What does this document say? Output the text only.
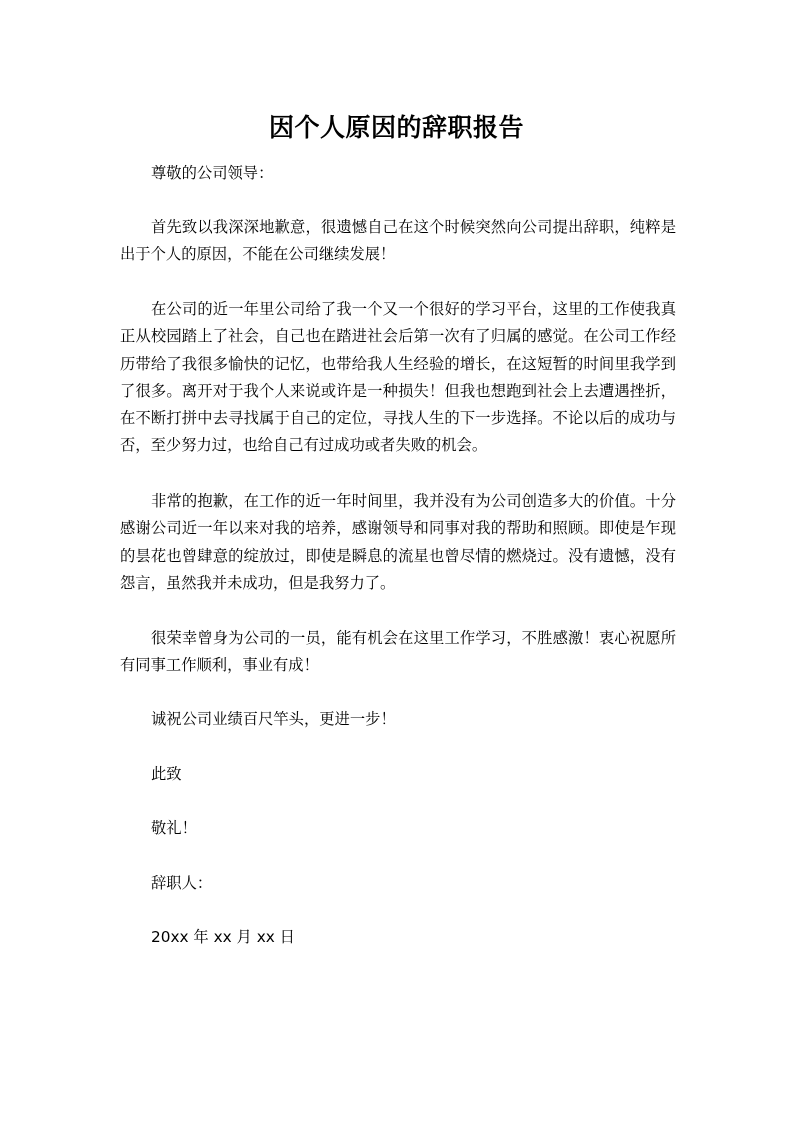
因个人原因的辞职报告

尊敬的公司领导：

首先致以我深深地歉意，很遗憾自己在这个时候突然向公司提出辞职，纯粹是出于个人的原因，不能在公司继续发展！

在公司的近一年里公司给了我一个又一个很好的学习平台，这里的工作使我真正从校园踏上了社会，自己也在踏进社会后第一次有了归属的感觉。在公司工作经历带给了我很多愉快的记忆，也带给我人生经验的增长，在这短暂的时间里我学到了很多。离开对于我个人来说或许是一种损失！但我也想跑到社会上去遭遇挫折，在不断打拼中去寻找属于自己的定位，寻找人生的下一步选择。不论以后的成功与否，至少努力过，也给自己有过成功或者失败的机会。

非常的抱歉，在工作的近一年时间里，我并没有为公司创造多大的价值。十分感谢公司近一年以来对我的培养，感谢领导和同事对我的帮助和照顾。即使是乍现的昙花也曾肆意的绽放过，即使是瞬息的流星也曾尽情的燃烧过。没有遗憾，没有怨言，虽然我并未成功，但是我努力了。

很荣幸曾身为公司的一员，能有机会在这里工作学习，不胜感激！衷心祝愿所有同事工作顺利，事业有成！

诚祝公司业绩百尺竿头，更进一步！

此致

敬礼！

辞职人：

20xx 年 xx 月 xx 日
